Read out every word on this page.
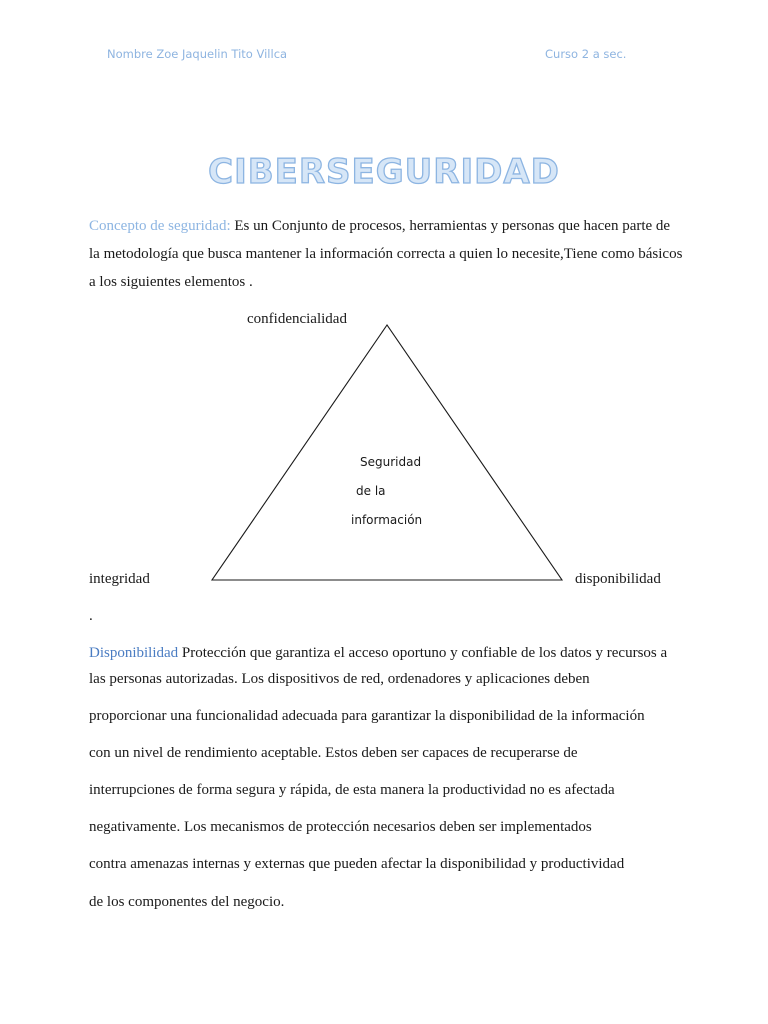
Nombre Zoe Jaquelin Tito Villca	Curso 2 a sec.
CIBERSEGURIDAD
Concepto de seguridad: Es un Conjunto de procesos, herramientas y personas que hacen parte de
la metodología que busca mantener la información correcta a quien lo necesite,Tiene como básicos
a los siguientes elementos .
confidencialidad
integridad	disponibilidad
Seguridad
de la
información
.
Disponibilidad Protección que garantiza el acceso oportuno y confiable de los datos y recursos a
las personas autorizadas. Los dispositivos de red, ordenadores y aplicaciones deben
proporcionar una funcionalidad adecuada para garantizar la disponibilidad de la información
con un nivel de rendimiento aceptable. Estos deben ser capaces de recuperarse de
interrupciones de forma segura y rápida, de esta manera la productividad no es afectada
negativamente. Los mecanismos de protección necesarios deben ser implementados
contra amenazas internas y externas que pueden afectar la disponibilidad y productividad
de los componentes del negocio.
